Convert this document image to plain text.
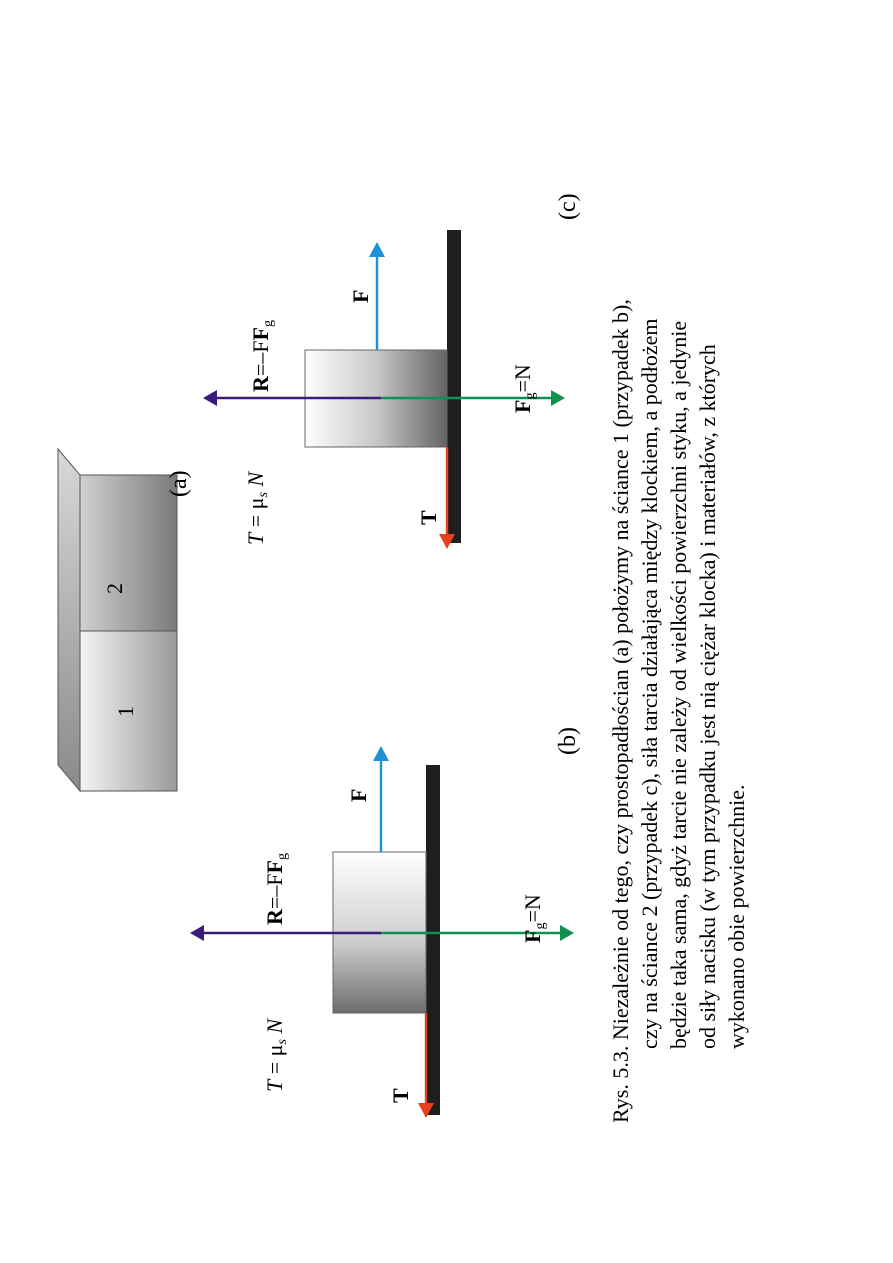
1
2
(a)
$T = \mu_s$ N
T
$R=-FF_g$
F
$F_g=N$
(b)
$T = \mu_s$ N
T
$R=-FF_g$
F
$F_g=N$
(c)
Rys. 5.3. Niezależnie od tego, czy prostopadłościan (a) położymy na ściance 1 (przypadek b), czy na ściance 2 (przypadek c), siła tarcia działająca między klockiem, a podłożem będzie taka sama, gdyż tarcie nie zależy od wielkości powierzchni styku, a jedynie od siły nacisku (w tym przypadku jest nią ciężar klocka) i materiałów, z których wykonano obie powierzchnie.
